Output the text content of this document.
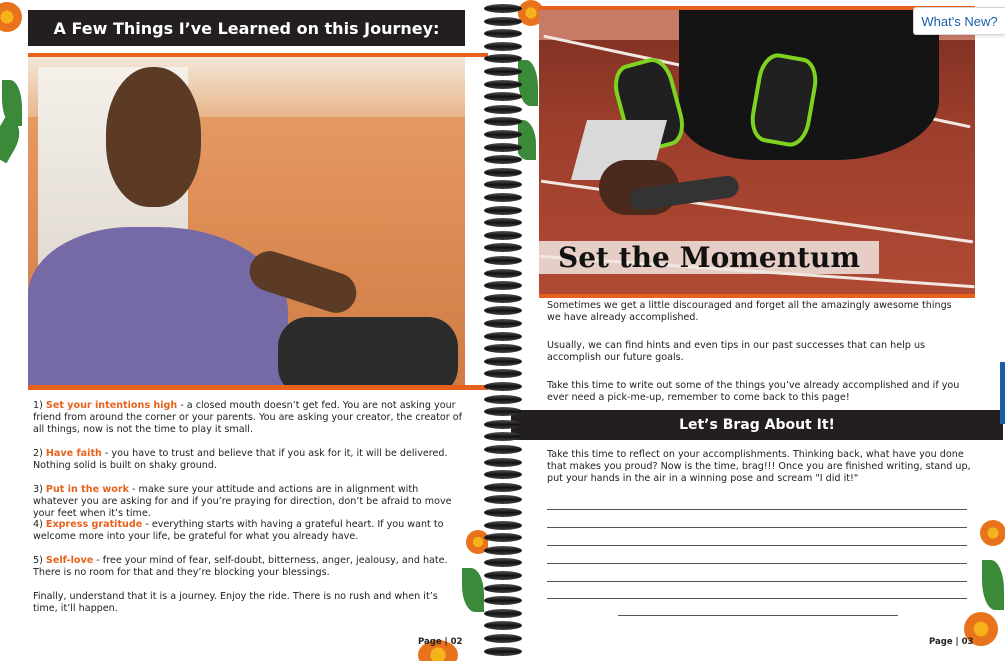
A Few Things I’ve Learned on this Journey:
1) Set your intentions high - a closed mouth doesn’t get fed. You are not asking your friend from around the corner or your parents. You are asking your creator, the creator of all things, now is not the time to play it small.
2) Have faith - you have to trust and believe that if you ask for it, it will be delivered. Nothing solid is built on shaky ground.
3) Put in the work - make sure your attitude and actions are in alignment with whatever you are asking for and if you’re praying for direction, don’t be afraid to move your feet when it’s time.
4) Express gratitude - everything starts with having a grateful heart. If you want to welcome more into your life, be grateful for what you already have.
5) Self-love - free your mind of fear, self-doubt, bitterness, anger, jealousy, and hate. There is no room for that and they’re blocking your blessings.
Finally, understand that it is a journey. Enjoy the ride. There is no rush and when it’s time, it’ll happen.
Page | 02
Set the Momentum
Sometimes we get a little discouraged and forget all the amazingly awesome things we have already accomplished.
Usually, we can find hints and even tips in our past successes that can help us accomplish our future goals.
Take this time to write out some of the things you’ve already accomplished and if you ever need a pick-me-up, remember to come back to this page!
Let’s Brag About It!
Take this time to reflect on your accomplishments. Thinking back, what have you done that makes you proud? Now is the time, brag!!! Once you are finished writing, stand up, put your hands in the air in a winning pose and scream "I did it!"
Page | 03
What's New?
